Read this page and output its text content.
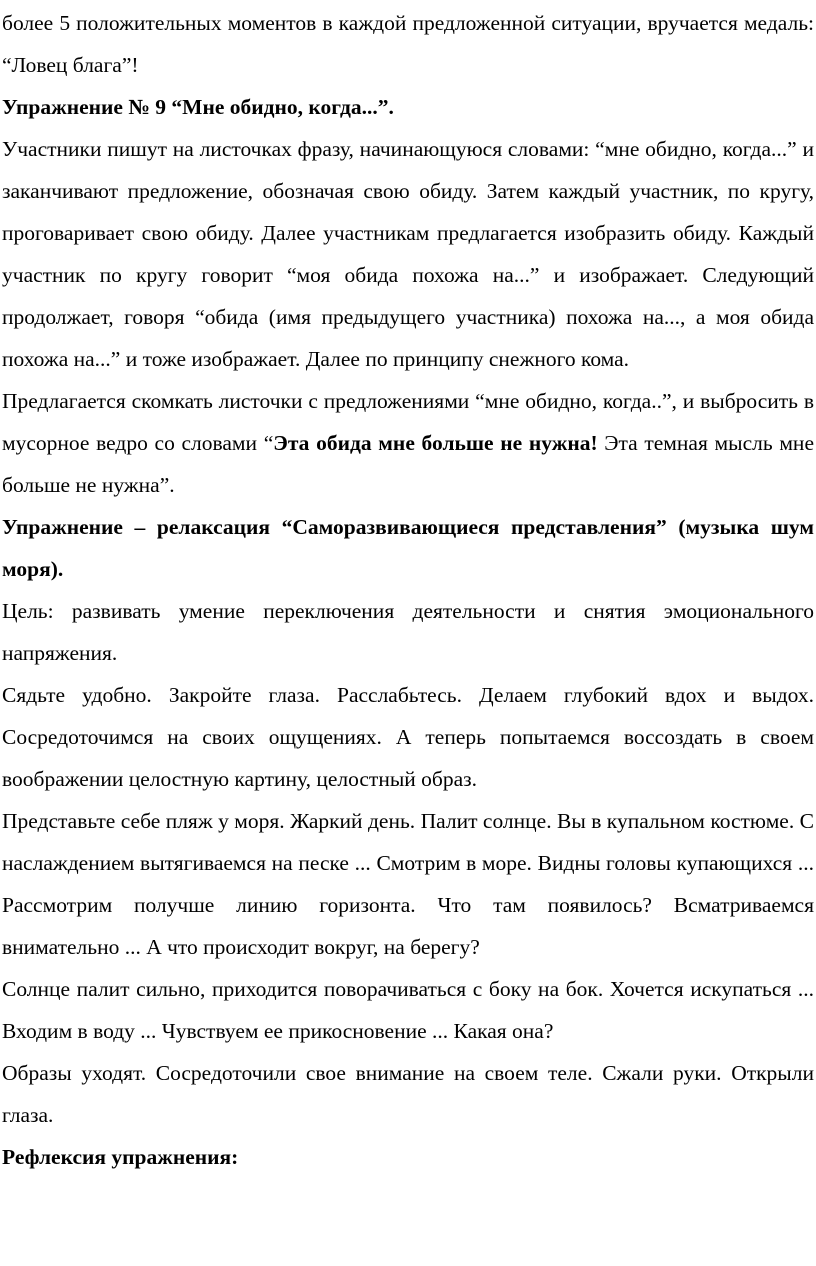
более 5 положительных моментов в каждой предложенной ситуации, вручается медаль: “Ловец блага”!

Упражнение № 9 “Мне обидно, когда...”.

Участники пишут на листочках фразу, начинающуюся словами: “мне обидно, когда...” и заканчивают предложение, обозначая свою обиду. Затем каждый участник, по кругу, проговаривает свою обиду. Далее участникам предлагается изобразить обиду. Каждый участник по кругу говорит “моя обида похожа на...” и изображает. Следующий продолжает, говоря “обида (имя предыдущего участника) похожа на..., а моя обида похожа на...” и тоже изображает. Далее по принципу снежного кома.

Предлагается скомкать листочки с предложениями “мне обидно, когда..”, и выбросить в мусорное ведро со словами “Эта обида мне больше не нужна! Эта темная мысль мне больше не нужна”.

Упражнение – релаксация “Саморазвивающиеся представления” (музыка шум моря).

Цель: развивать умение переключения деятельности и снятия эмоционального напряжения.

Сядьте удобно. Закройте глаза. Расслабьтесь. Делаем глубокий вдох и выдох. Сосредоточимся на своих ощущениях. А теперь попытаемся воссоздать в своем воображении целостную картину, целостный образ.

Представьте себе пляж у моря. Жаркий день. Палит солнце. Вы в купальном костюме. С наслаждением вытягиваемся на песке ... Смотрим в море. Видны головы купающихся ... Рассмотрим получше линию горизонта. Что там появилось? Всматриваемся внимательно ... А что происходит вокруг, на берегу?

Солнце палит сильно, приходится поворачиваться с боку на бок. Хочется искупаться ... Входим в воду ... Чувствуем ее прикосновение ... Какая она?

Образы уходят. Сосредоточили свое внимание на своем теле. Сжали руки. Открыли глаза.

Рефлексия упражнения:
